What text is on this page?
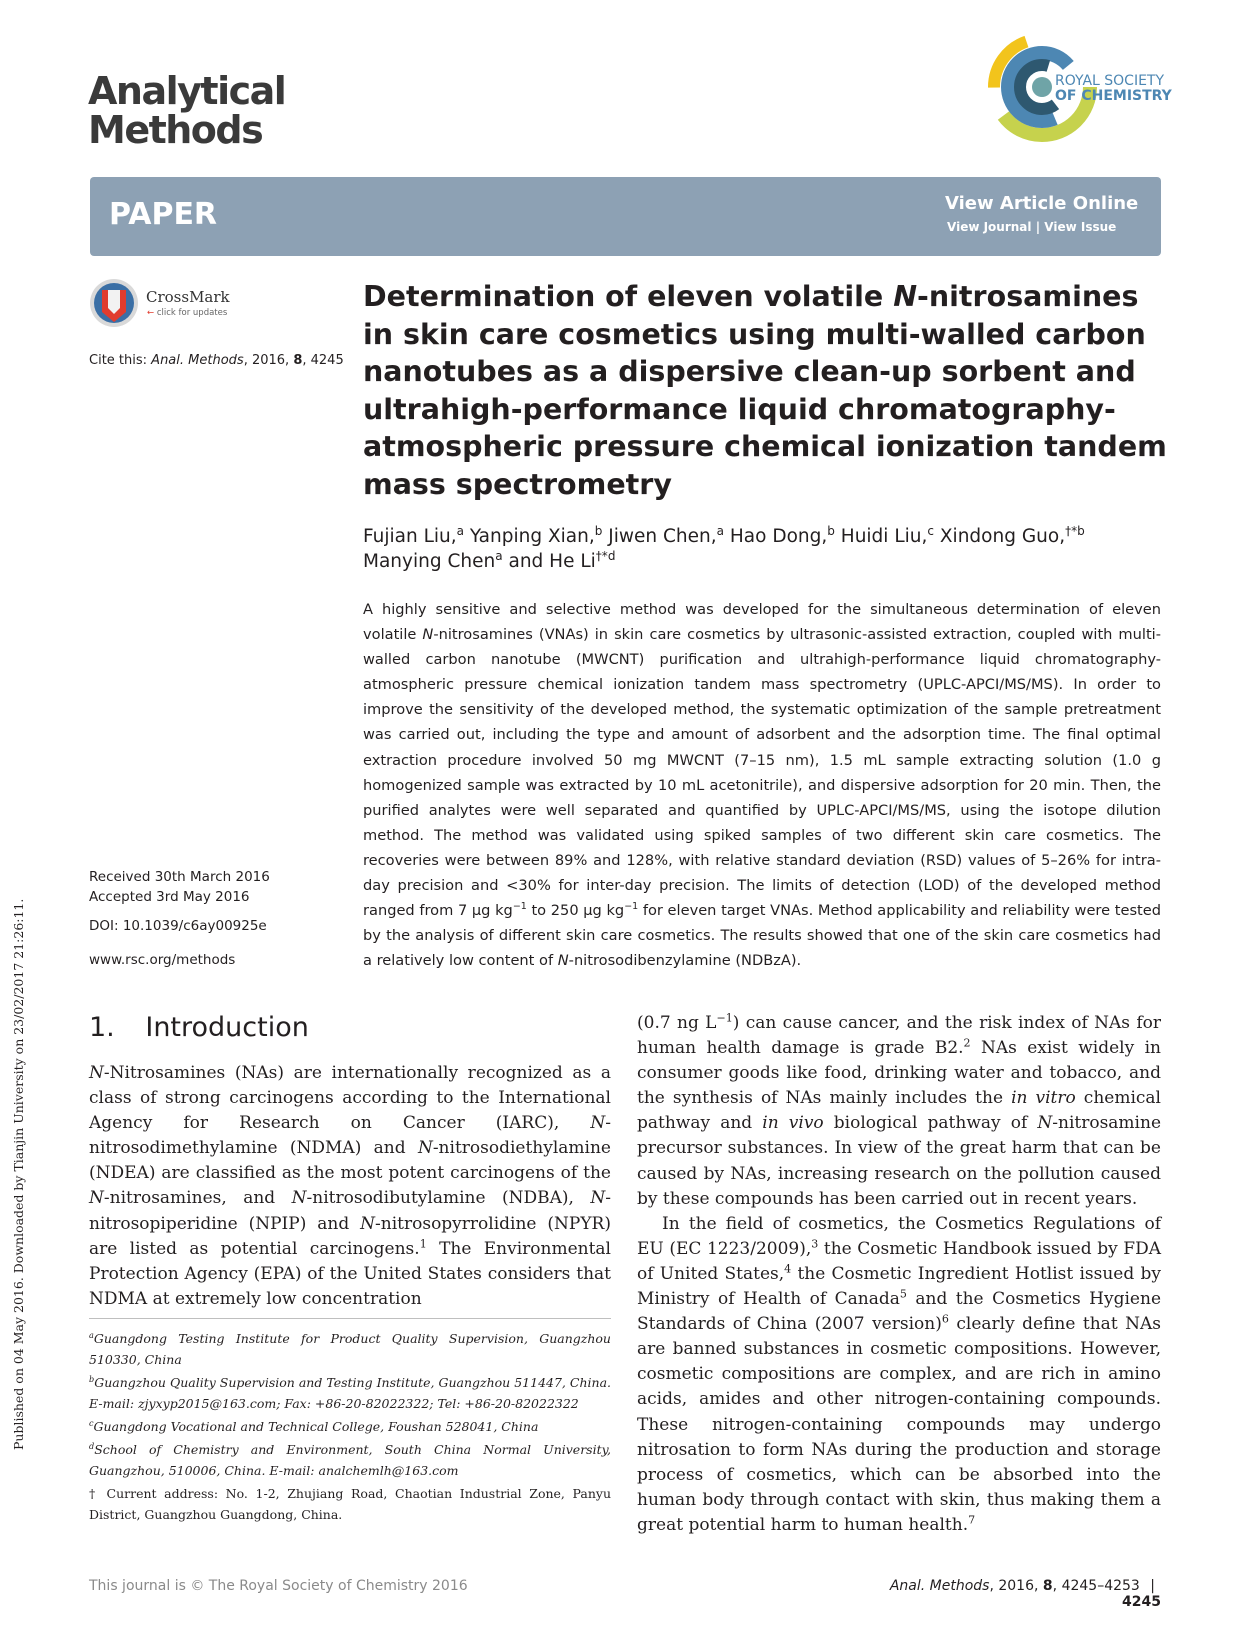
Published on 04 May 2016. Downloaded by Tianjin University on 23/02/2017 21:26:11.
Analytical
Methods
ROYAL SOCIETY
OF CHEMISTRY
PAPER	View Article Online
View Journal | View Issue
CrossMark
← click for updates
Cite this: Anal. Methods, 2016, 8, 4245
Received 30th March 2016
Accepted 3rd May 2016
DOI: 10.1039/c6ay00925e
www.rsc.org/methods
Determination of eleven volatile N-nitrosamines in skin care cosmetics using multi-walled carbon nanotubes as a dispersive clean-up sorbent and ultrahigh-performance liquid chromatography-atmospheric pressure chemical ionization tandem mass spectrometry
Fujian Liu,$^a$ Yanping Xian,$^b$ Jiwen Chen,$^a$ Hao Dong,$^b$ Huidi Liu,$^c$ Xindong Guo,$^{\dagger*b}$
Manying Chen$^a$ and He Li$^{\dagger*d}$
A highly sensitive and selective method was developed for the simultaneous determination of eleven volatile N-nitrosamines (VNAs) in skin care cosmetics by ultrasonic-assisted extraction, coupled with multi-walled carbon nanotube (MWCNT) purification and ultrahigh-performance liquid chromatography-atmospheric pressure chemical ionization tandem mass spectrometry (UPLC-APCI/MS/MS). In order to improve the sensitivity of the developed method, the systematic optimization of the sample pretreatment was carried out, including the type and amount of adsorbent and the adsorption time. The final optimal extraction procedure involved 50 mg MWCNT (7–15 nm), 1.5 mL sample extracting solution (1.0 g homogenized sample was extracted by 10 mL acetonitrile), and dispersive adsorption for 20 min. Then, the purified analytes were well separated and quantified by UPLC-APCI/MS/MS, using the isotope dilution method. The method was validated using spiked samples of two different skin care cosmetics. The recoveries were between 89% and 128%, with relative standard deviation (RSD) values of 5–26% for intra-day precision and <30% for inter-day precision. The limits of detection (LOD) of the developed method ranged from 7 μg $kg^{-1}$ to 250 μg $kg^{-1}$ for eleven target VNAs. Method applicability and reliability were tested by the analysis of different skin care cosmetics. The results showed that one of the skin care cosmetics had a relatively low content of N-nitrosodibenzylamine (NDBzA).
1. Introduction

N-Nitrosamines (NAs) are internationally recognized as a class of strong carcinogens according to the International Agency for Research on Cancer (IARC), N-nitrosodimethylamine (NDMA) and N-nitrosodiethylamine (NDEA) are classified as the most potent carcinogens of the N-nitrosamines, and N-nitrosodibutylamine (NDBA), N-nitrosopiperidine (NPIP) and N-nitrosopyrrolidine (NPYR) are listed as potential carcinogens.$^1$ The Environmental Protection Agency (EPA) of the United States considers that NDMA at extremely low concentration

(0.7 ng $L^{-1}$) can cause cancer, and the risk index of NAs for human health damage is grade B2.$^2$ NAs exist widely in consumer goods like food, drinking water and tobacco, and the synthesis of NAs mainly includes the in vitro chemical pathway and in vivo biological pathway of N-nitrosamine precursor substances. In view of the great harm that can be caused by NAs, increasing research on the pollution caused by these compounds has been carried out in recent years.

In the field of cosmetics, the Cosmetics Regulations of EU (EC 1223/2009),$^3$ the Cosmetic Handbook issued by FDA of United States,$^4$ the Cosmetic Ingredient Hotlist issued by Ministry of Health of Canada$^5$ and the Cosmetics Hygiene Standards of China (2007 version)$^6$ clearly define that NAs are banned substances in cosmetic compositions. However, cosmetic compositions are complex, and are rich in amino acids, amides and other nitrogen-containing compounds. These nitrogen-containing compounds may undergo nitrosation to form NAs during the production and storage process of cosmetics, which can be absorbed into the human body through contact with skin, thus making them a great potential harm to human health.$^7$

$^a$Guangdong Testing Institute for Product Quality Supervision, Guangzhou 510330, China

$^b$Guangzhou Quality Supervision and Testing Institute, Guangzhou 511447, China. E-mail: zjyxyp2015@163.com; Fax: +86-20-82022322; Tel: +86-20-82022322

$^c$Guangdong Vocational and Technical College, Foushan 528041, China

$^d$School of Chemistry and Environment, South China Normal University, Guangzhou, 510006, China. E-mail: analchemlh@163.com

† Current address: No. 1-2, Zhujiang Road, Chaotian Industrial Zone, Panyu District, Guangzhou Guangdong, China.

This journal is © The Royal Society of Chemistry 2016	Anal. Methods, 2016, 8, 4245–4253 | 4245
